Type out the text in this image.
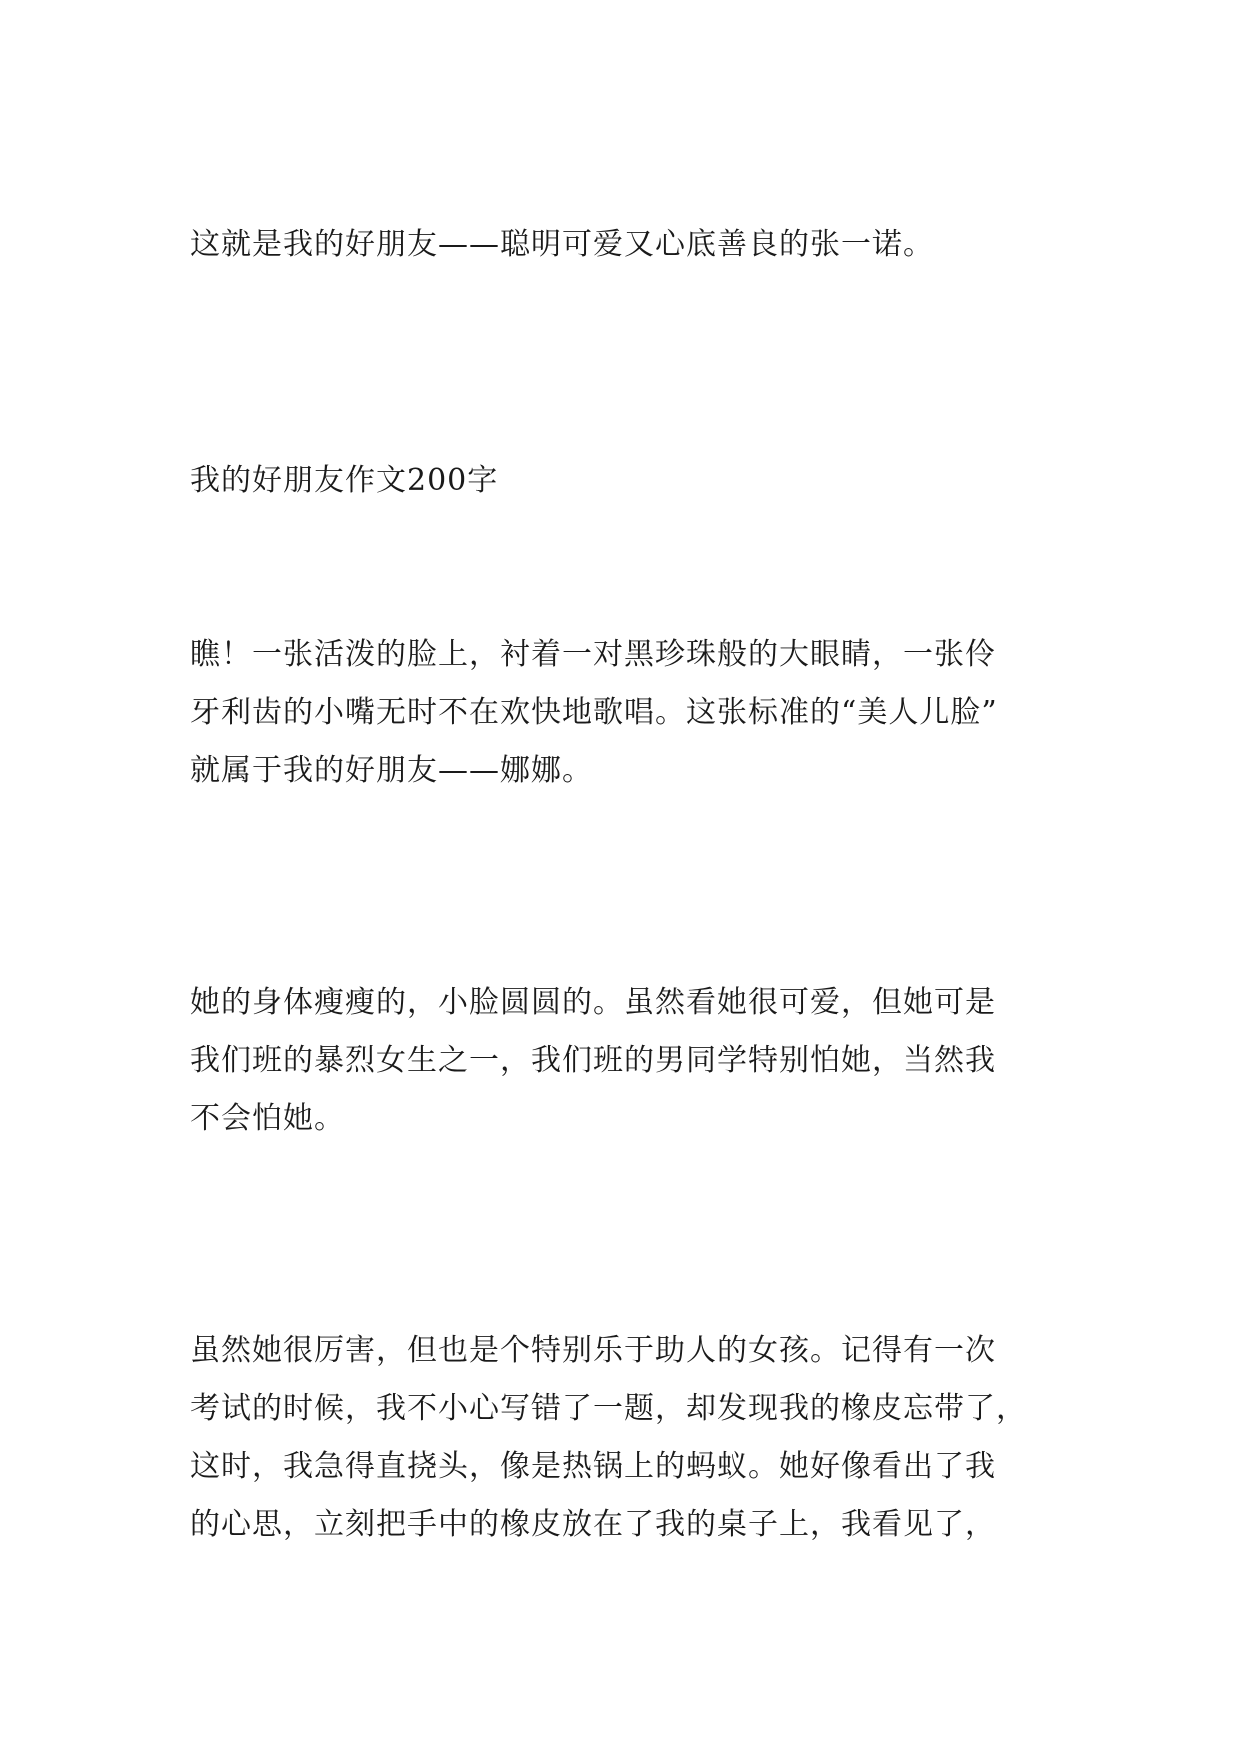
这就是我的好朋友——聪明可爱又心底善良的张一诺。

我的好朋友作文200字

瞧！一张活泼的脸上，衬着一对黑珍珠般的大眼睛，一张伶
牙利齿的小嘴无时不在欢快地歌唱。这张标准的“美人儿脸”
就属于我的好朋友——娜娜。

她的身体瘦瘦的，小脸圆圆的。虽然看她很可爱，但她可是
我们班的暴烈女生之一，我们班的男同学特别怕她，当然我
不会怕她。

虽然她很厉害，但也是个特别乐于助人的女孩。记得有一次
考试的时候，我不小心写错了一题，却发现我的橡皮忘带了，
这时，我急得直挠头，像是热锅上的蚂蚁。她好像看出了我
的心思，立刻把手中的橡皮放在了我的桌子上，我看见了，
